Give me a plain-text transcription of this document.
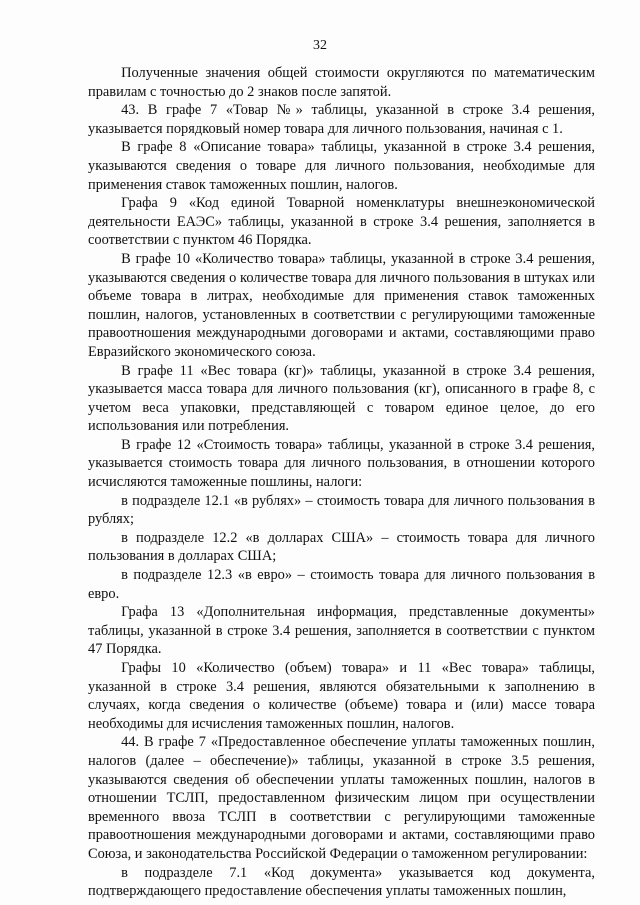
32

Полученные значения общей стоимости округляются по математическим правилам с точностью до 2 знаков после запятой.

43. В графе 7 «Товар №» таблицы, указанной в строке 3.4 решения, указывается порядковый номер товара для личного пользования, начиная с 1.

В графе 8 «Описание товара» таблицы, указанной в строке 3.4 решения, указываются сведения о товаре для личного пользования, необходимые для применения ставок таможенных пошлин, налогов.

Графа 9 «Код единой Товарной номенклатуры внешнеэкономической деятельности ЕАЭС» таблицы, указанной в строке 3.4 решения, заполняется в соответствии с пунктом 46 Порядка.

В графе 10 «Количество товара» таблицы, указанной в строке 3.4 решения, указываются сведения о количестве товара для личного пользования в штуках или объеме товара в литрах, необходимые для применения ставок таможенных пошлин, налогов, установленных в соответствии с регулирующими таможенные правоотношения международными договорами и актами, составляющими право Евразийского экономического союза.

В графе 11 «Вес товара (кг)» таблицы, указанной в строке 3.4 решения, указывается масса товара для личного пользования (кг), описанного в графе 8, с учетом веса упаковки, представляющей с товаром единое целое, до его использования или потребления.

В графе 12 «Стоимость товара» таблицы, указанной в строке 3.4 решения, указывается стоимость товара для личного пользования, в отношении которого исчисляются таможенные пошлины, налоги:

в подразделе 12.1 «в рублях» – стоимость товара для личного пользования в рублях;

в подразделе 12.2 «в долларах США» – стоимость товара для личного пользования в долларах США;

в подразделе 12.3 «в евро» – стоимость товара для личного пользования в евро.

Графа 13 «Дополнительная информация, представленные документы» таблицы, указанной в строке 3.4 решения, заполняется в соответствии с пунктом 47 Порядка.

Графы 10 «Количество (объем) товара» и 11 «Вес товара» таблицы, указанной в строке 3.4 решения, являются обязательными к заполнению в случаях, когда сведения о количестве (объеме) товара и (или) массе товара необходимы для исчисления таможенных пошлин, налогов.

44. В графе 7 «Предоставленное обеспечение уплаты таможенных пошлин, налогов (далее – обеспечение)» таблицы, указанной в строке 3.5 решения, указываются сведения об обеспечении уплаты таможенных пошлин, налогов в отношении ТСЛП, предоставленном физическим лицом при осуществлении временного ввоза ТСЛП в соответствии с регулирующими таможенные правоотношения международными договорами и актами, составляющими право Союза, и законодательства Российской Федерации о таможенном регулировании:

в подразделе 7.1 «Код документа» указывается код документа, подтверждающего предоставление обеспечения уплаты таможенных пошлин,
